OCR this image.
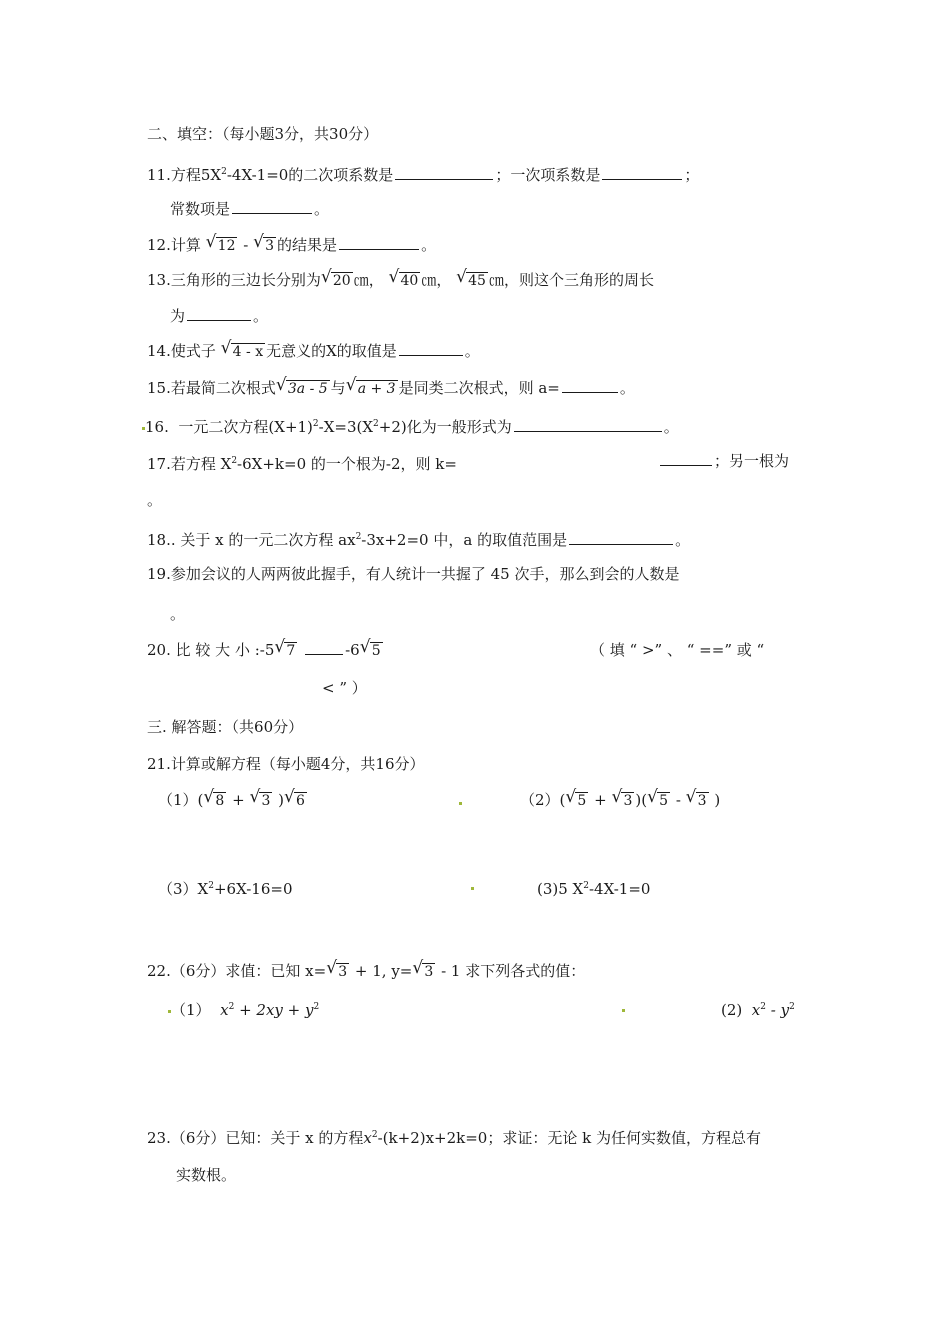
二、填空：（每小题3分，共30分）
11.方程$5X^2-4X-1=0$的二次项系数是	；一次项系数是	；
常数项是	。
12.计算 √ 12 - √ 3 的结果是	。
13.三角形的三边长分别为 √ 20 ㎝， √ 40 ㎝， √ 45 ㎝，则这个三角形的周长
为	。
14.使式子 √ 4 - x 无意义的X的取值是	。
15.若最简二次根式 √ 3a - 5 与 √ a + 3 是同类二次根式，则 a=	。
16. 一元二次方程$(X+1)^2-X=3(X^2+2)$化为一般形式为	。
17.若方程 $X^2-6X+k=0$ 的一个根为-2，则 k=	；另一根为
。
18.. 关于 x 的一元二次方程 $ax^2-3x+2=0$ 中，a 的取值范围是	。
19.参加会议的人两两彼此握手，有人统计一共握了 45 次手，那么到会的人数是
。
20. 比 较 大 小 :-5 √ 7	-6 √ 5	（ 填 “ >” 、 “ ==” 或 “
< ” ）
三. 解答题：（共60分）
21.计算或解方程（每小题4分，共16分）
（1）( √ 8 + √ 3 ) √ 6	（2）( √ 5 + √ 3 )( √ 5 - √ 3 )
$(3)X^2+6X-16=0$	(3)5 $X^2-4X-1=0$
22.（6分）求值：已知 x= √ 3 + 1, y= √ 3 - 1 求下列各式的值：
（1） $x^2 + 2xy + y^2$	(2) $x^2 - y^2$
23.（6分）已知：关于 x 的方程$x^2-(k+2)x+2k=0$；求证：无论 k 为任何实数值，方程总有
实数根。
